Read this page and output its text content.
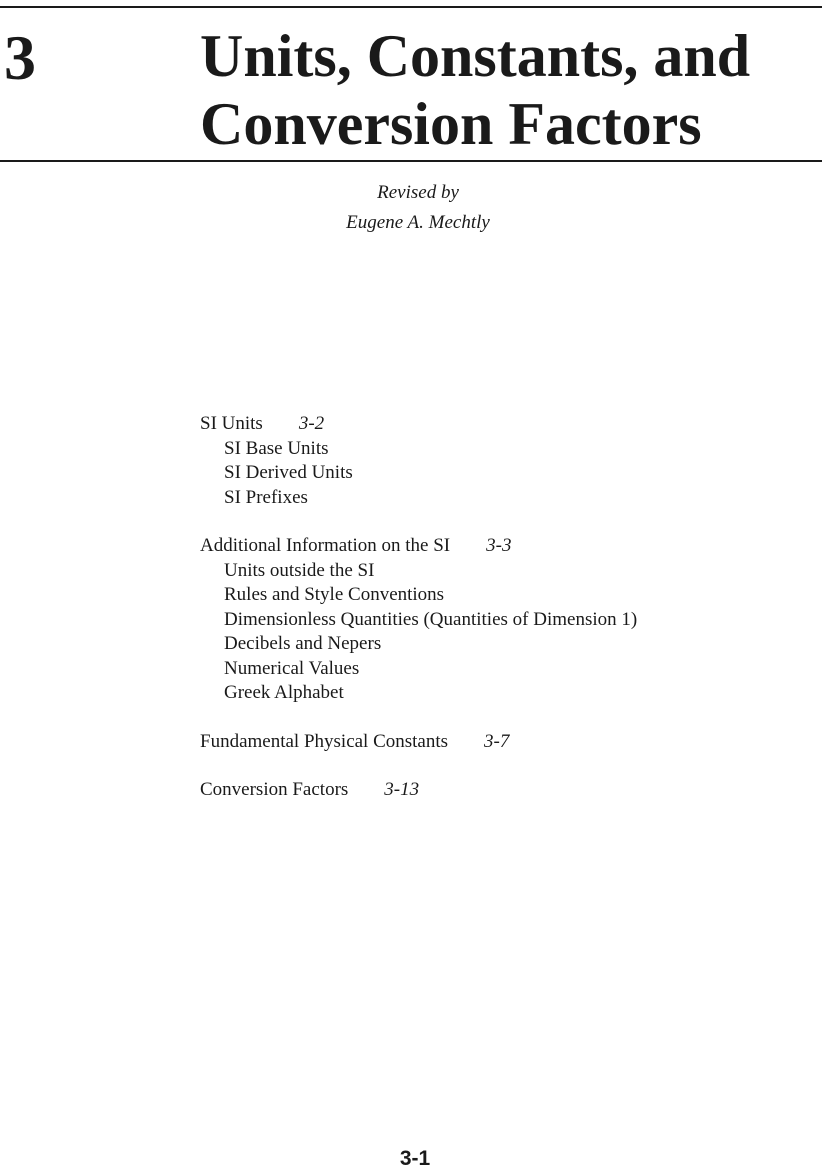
3	Units, Constants, and
Conversion Factors
Revised by
Eugene A. Mechtly
SI Units 3-2
SI Base Units
SI Derived Units
SI Prefixes
Additional Information on the SI 3-3
Units outside the SI
Rules and Style Conventions
Dimensionless Quantities (Quantities of Dimension 1)
Decibels and Nepers
Numerical Values
Greek Alphabet
Fundamental Physical Constants 3-7
Conversion Factors 3-13
3-1
